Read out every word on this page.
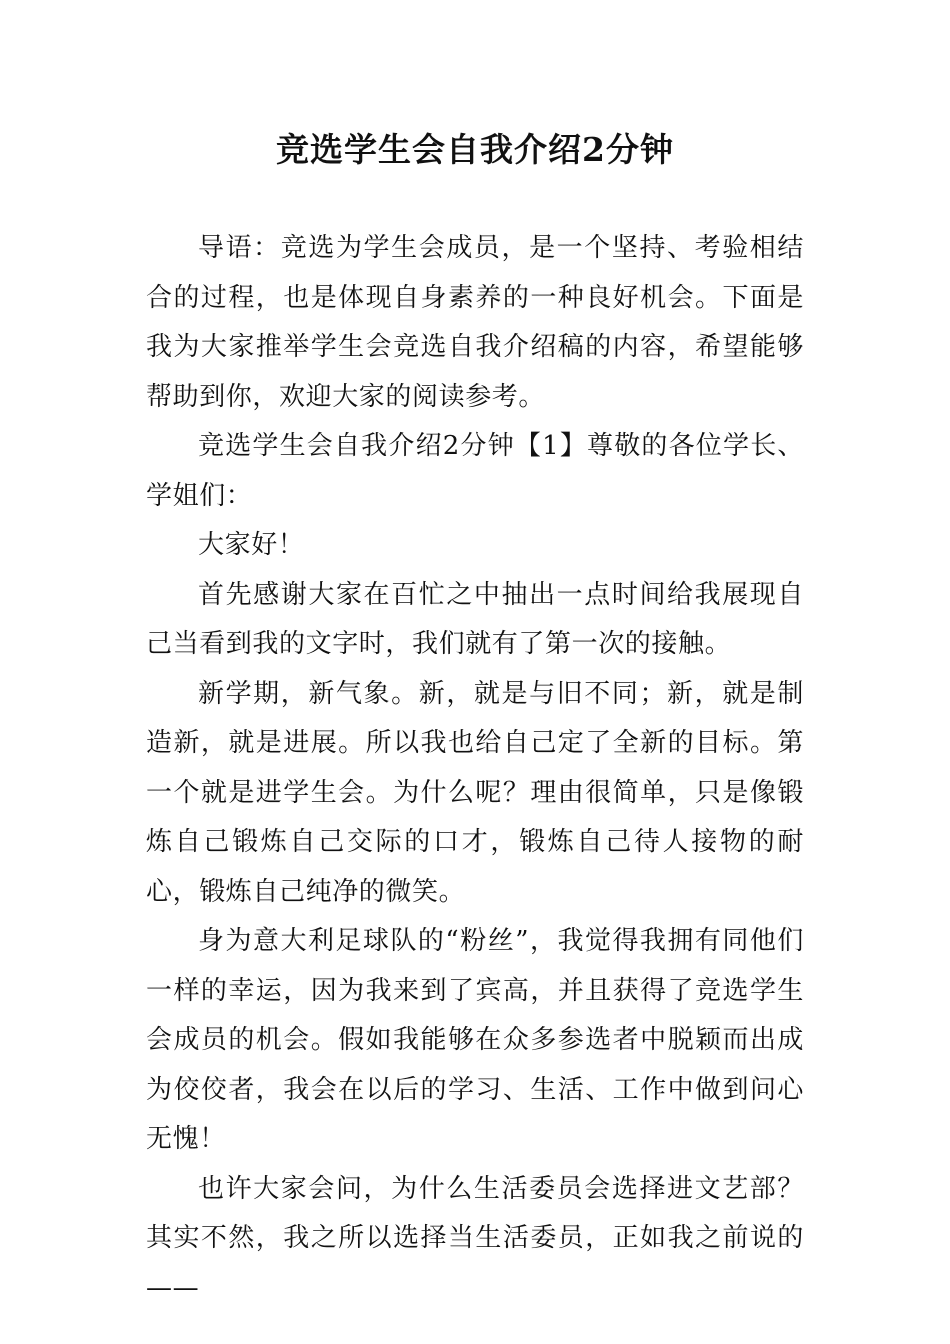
竞选学生会自我介绍2分钟

导语：竞选为学生会成员，是一个坚持、考验相结合的过程，也是体现自身素养的一种良好机会。下面是我为大家推举学生会竞选自我介绍稿的内容，希望能够帮助到你，欢迎大家的阅读参考。

竞选学生会自我介绍2分钟【1】尊敬的各位学长、学姐们：

大家好！

首先感谢大家在百忙之中抽出一点时间给我展现自己当看到我的文字时，我们就有了第一次的接触。

新学期，新气象。新，就是与旧不同；新，就是制造新，就是进展。所以我也给自己定了全新的目标。第一个就是进学生会。为什么呢？理由很简单，只是像锻炼自己锻炼自己交际的口才，锻炼自己待人接物的耐心，锻炼自己纯净的微笑。

身为意大利足球队的“粉丝”，我觉得我拥有同他们一样的幸运，因为我来到了宾高，并且获得了竞选学生会成员的机会。假如我能够在众多参选者中脱颖而出成为佼佼者，我会在以后的学习、生活、工作中做到问心无愧！

也许大家会问，为什么生活委员会选择进文艺部？其实不然，我之所以选择当生活委员，正如我之前说的——
